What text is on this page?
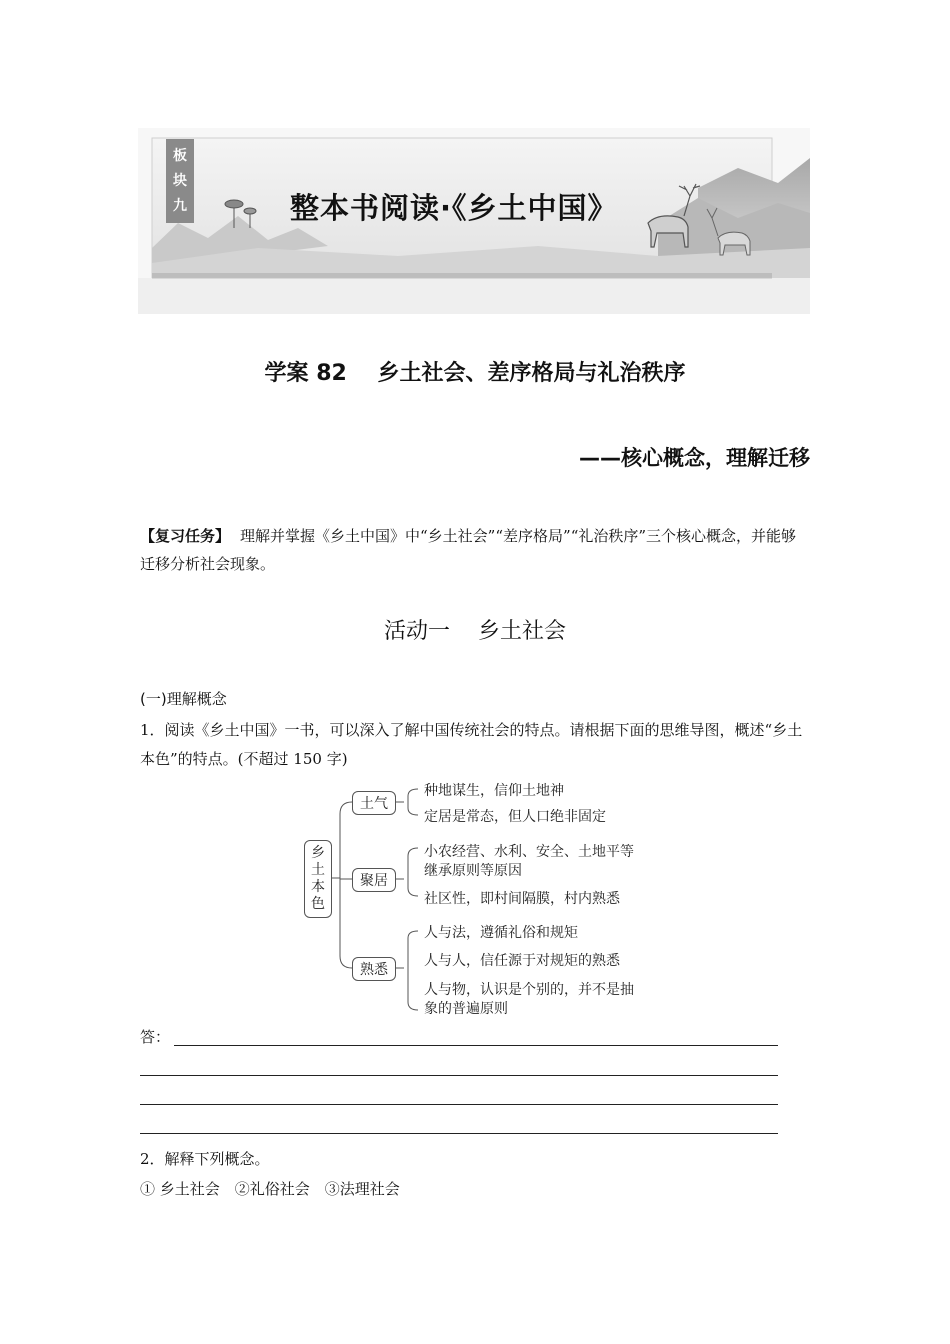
板
块
九	整本书阅读·《乡土中国》
学案 82    乡土社会、差序格局与礼治秩序
——核心概念，理解迁移
【复习任务】 理解并掌握《乡土中国》中“乡土社会”“差序格局”“礼治秩序”三个核心概念，并能够迁移分析社会现象。
活动一    乡土社会
(一)理解概念
1．阅读《乡土中国》一书，可以深入了解中国传统社会的特点。请根据下面的思维导图，概述“乡土本色”的特点。(不超过 150 字)
乡
土
本
色
土气
种地谋生，信仰土地神
定居是常态，但人口绝非固定
聚居
小农经营、水利、安全、土地平等
继承原则等原因
社区性，即村间隔膜，村内熟悉
熟悉
人与法，遵循礼俗和规矩
人与人，信任源于对规矩的熟悉
人与物，认识是个别的，并不是抽
象的普遍原则
答：
2．解释下列概念。
① 乡土社会　②礼俗社会　③法理社会
